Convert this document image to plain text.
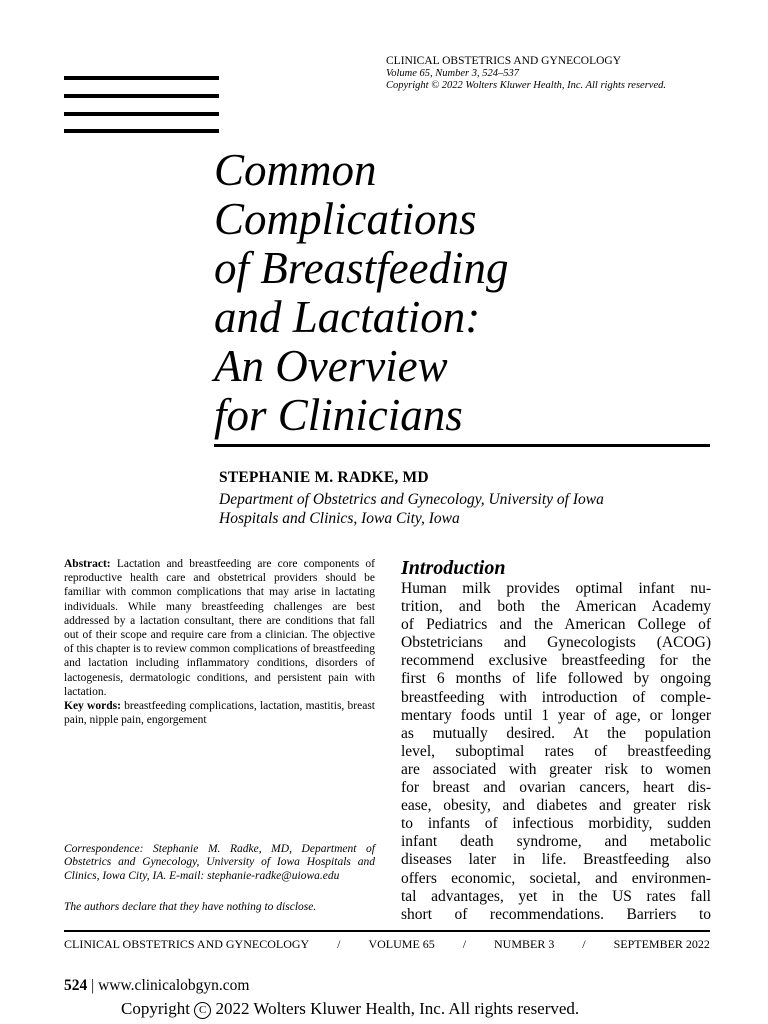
CLINICAL OBSTETRICS AND GYNECOLOGY
Volume 65, Number 3, 524–537
Copyright © 2022 Wolters Kluwer Health, Inc. All rights reserved.
Common
Complications
of Breastfeeding
and Lactation:
An Overview
for Clinicians
STEPHANIE M. RADKE, MD
Department of Obstetrics and Gynecology, University of Iowa
Hospitals and Clinics, Iowa City, Iowa
Abstract: Lactation and breastfeeding are core components of reproductive health care and obstetrical providers should be familiar with common complications that may arise in lactating individuals. While many breastfeeding challenges are best addressed by a lactation consultant, there are conditions that fall out of their scope and require care from a clinician. The objective of this chapter is to review common complications of breastfeeding and lactation including inflammatory conditions, disorders of lactogenesis, dermatologic conditions, and persistent pain with lactation.
Key words: breastfeeding complications, lactation, mastitis, breast pain, nipple pain, engorgement
Correspondence: Stephanie M. Radke, MD, Department of Obstetrics and Gynecology, University of Iowa Hospitals and Clinics, Iowa City, IA. E-mail: stephanie-radke@uiowa.edu
The authors declare that they have nothing to disclose.
Introduction
Human milk provides optimal infant nu-
trition, and both the American Academy
of Pediatrics and the American College of
Obstetricians and Gynecologists (ACOG)
recommend exclusive breastfeeding for the
first 6 months of life followed by ongoing
breastfeeding with introduction of comple-
mentary foods until 1 year of age, or longer
as mutually desired. At the population
level, suboptimal rates of breastfeeding
are associated with greater risk to women
for breast and ovarian cancers, heart dis-
ease, obesity, and diabetes and greater risk
to infants of infectious morbidity, sudden
infant death syndrome, and metabolic
diseases later in life. Breastfeeding also
offers economic, societal, and environmen-
tal advantages, yet in the US rates fall
short of recommendations. Barriers to
CLINICAL OBSTETRICS AND GYNECOLOGY / VOLUME 65 / NUMBER 3 / SEPTEMBER 2022
524 | www.clinicalobgyn.com
Copyright C 2022 Wolters Kluwer Health, Inc. All rights reserved.
